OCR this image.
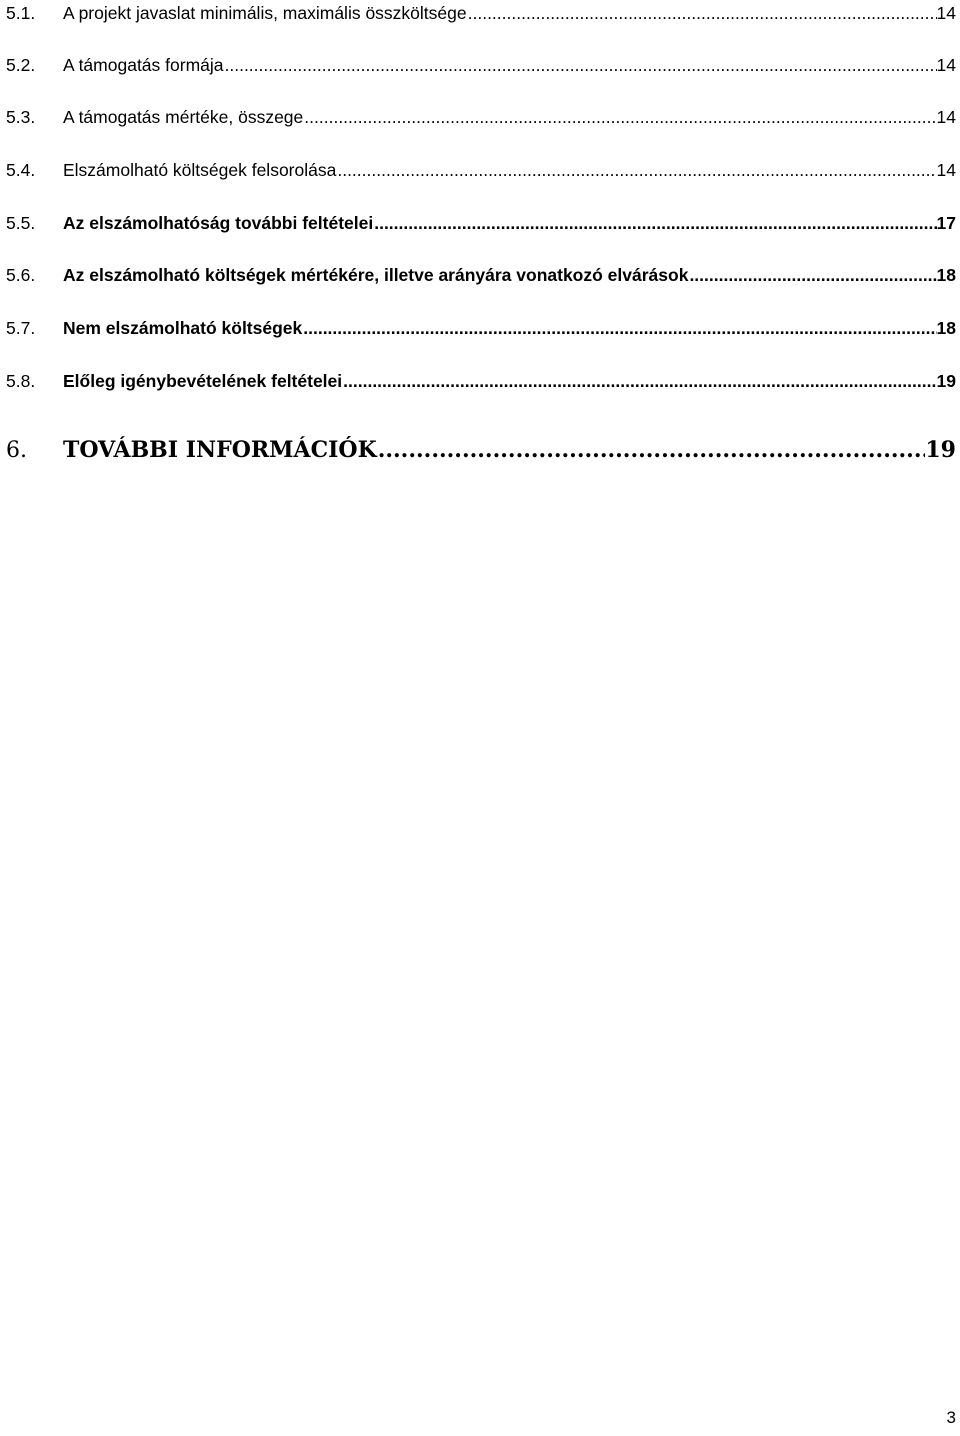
5.1.	A projekt javaslat minimális, maximális összköltsége .....	14
5.2.	A támogatás formája .....	14
5.3.	A támogatás mértéke, összege .....	14
5.4.	Elszámolható költségek felsorolása .....	14
5.5.	Az elszámolhatóság további feltételei .....	17
5.6.	Az elszámolható költségek mértékére, illetve arányára vonatkozó elvárások .....	18
5.7.	Nem elszámolható költségek .....	18
5.8.	Előleg igénybevételének feltételei .....	19
6.	TOVÁBBI INFORMÁCIÓK .....	19
3
